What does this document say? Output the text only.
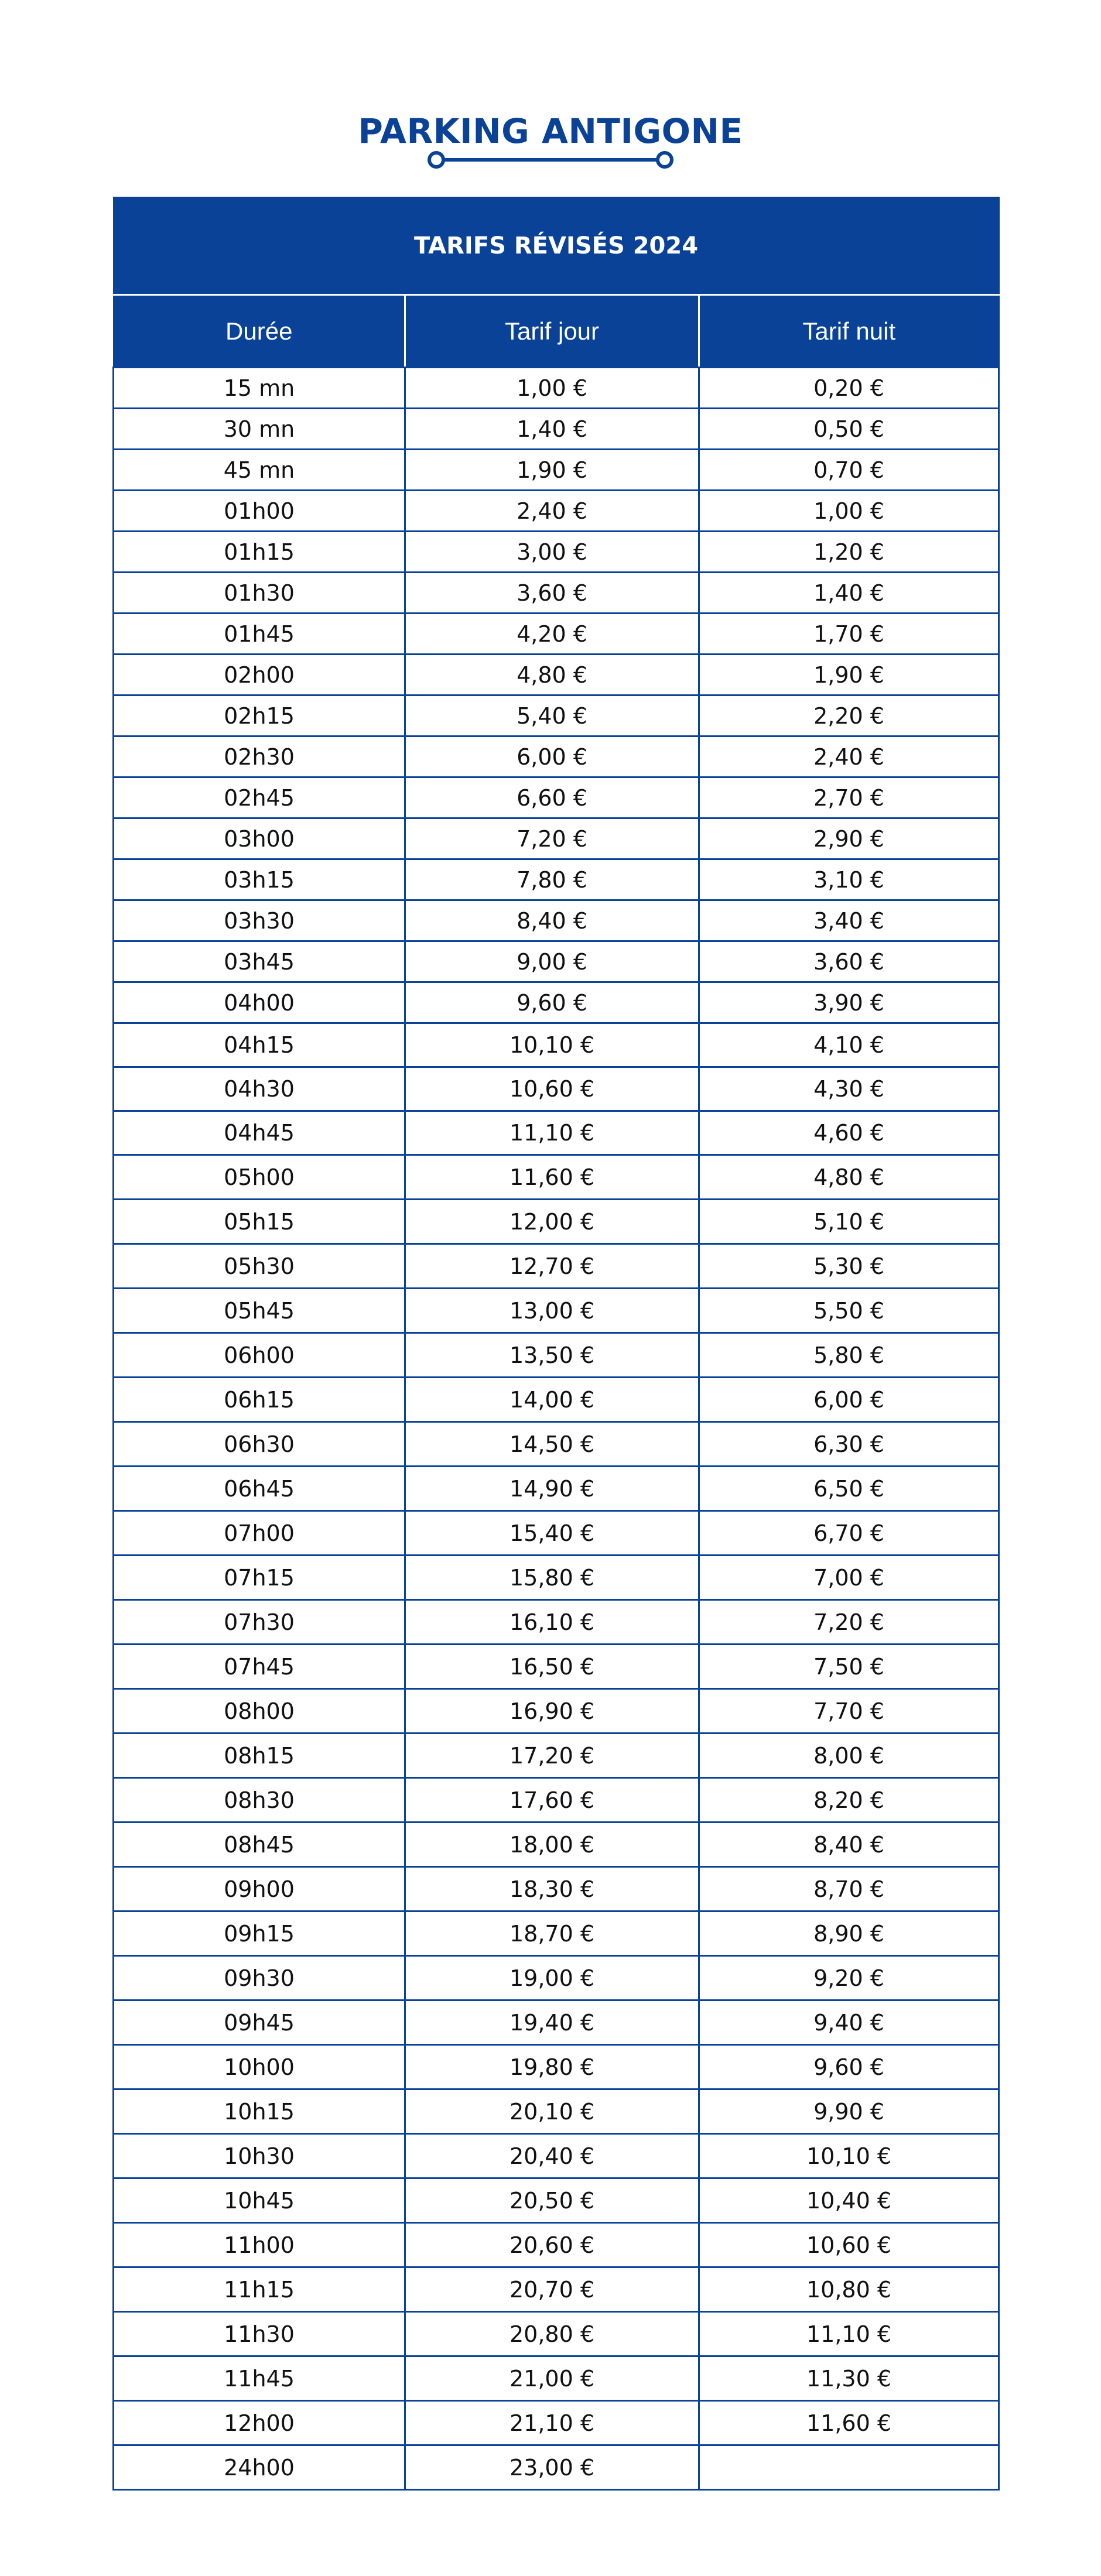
PARKING ANTIGONE
TARIFS RÉVISÉS 2024		
Durée	Tarif jour	Tarif nuit
15 mn	1,00 €	0,20 €
30 mn	1,40 €	0,50 €
45 mn	1,90 €	0,70 €
01h00	2,40 €	1,00 €
01h15	3,00 €	1,20 €
01h30	3,60 €	1,40 €
01h45	4,20 €	1,70 €
02h00	4,80 €	1,90 €
02h15	5,40 €	2,20 €
02h30	6,00 €	2,40 €
02h45	6,60 €	2,70 €
03h00	7,20 €	2,90 €
03h15	7,80 €	3,10 €
03h30	8,40 €	3,40 €
03h45	9,00 €	3,60 €
04h00	9,60 €	3,90 €
04h15	10,10 €	4,10 €
04h30	10,60 €	4,30 €
04h45	11,10 €	4,60 €
05h00	11,60 €	4,80 €
05h15	12,00 €	5,10 €
05h30	12,70 €	5,30 €
05h45	13,00 €	5,50 €
06h00	13,50 €	5,80 €
06h15	14,00 €	6,00 €
06h30	14,50 €	6,30 €
06h45	14,90 €	6,50 €
07h00	15,40 €	6,70 €
07h15	15,80 €	7,00 €
07h30	16,10 €	7,20 €
07h45	16,50 €	7,50 €
08h00	16,90 €	7,70 €
08h15	17,20 €	8,00 €
08h30	17,60 €	8,20 €
08h45	18,00 €	8,40 €
09h00	18,30 €	8,70 €
09h15	18,70 €	8,90 €
09h30	19,00 €	9,20 €
09h45	19,40 €	9,40 €
10h00	19,80 €	9,60 €
10h15	20,10 €	9,90 €
10h30	20,40 €	10,10 €
10h45	20,50 €	10,40 €
11h00	20,60 €	10,60 €
11h15	20,70 €	10,80 €
11h30	20,80 €	11,10 €
11h45	21,00 €	11,30 €
12h00	21,10 €	11,60 €
24h00	23,00 €	
